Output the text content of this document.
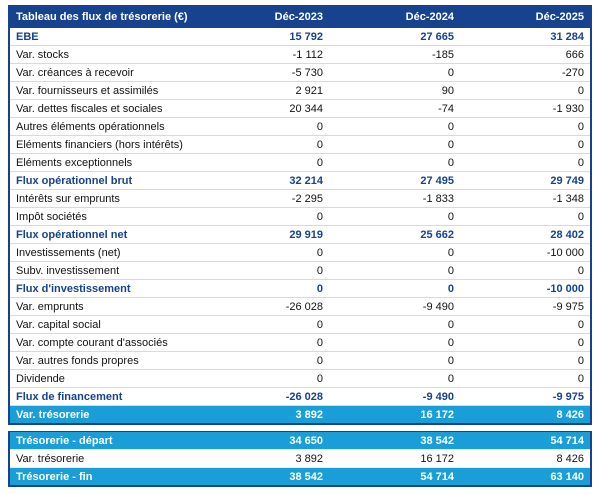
Tableau des flux de trésorerie (€)	Déc-2023	Déc-2024	Déc-2025
EBE	15 792	27 665	31 284
Var. stocks	-1 112	-185	666
Var. créances à recevoir	-5 730	0	-270
Var. fournisseurs et assimilés	2 921	90	0
Var. dettes fiscales et sociales	20 344	-74	-1 930
Autres éléments opérationnels	0	0	0
Eléments financiers (hors intérêts)	0	0	0
Eléments exceptionnels	0	0	0
Flux opérationnel brut	32 214	27 495	29 749
Intérêts sur emprunts	-2 295	-1 833	-1 348
Impôt sociétés	0	0	0
Flux opérationnel net	29 919	25 662	28 402
Investissements (net)	0	0	-10 000
Subv. investissement	0	0	0
Flux d'investissement	0	0	-10 000
Var. emprunts	-26 028	-9 490	-9 975
Var. capital social	0	0	0
Var. compte courant d'associés	0	0	0
Var. autres fonds propres	0	0	0
Dividende	0	0	0
Flux de financement	-26 028	-9 490	-9 975
Var. trésorerie	3 892	16 172	8 426
Trésorerie - départ	34 650	38 542	54 714
Var. trésorerie	3 892	16 172	8 426
Trésorerie - fin	38 542	54 714	63 140
